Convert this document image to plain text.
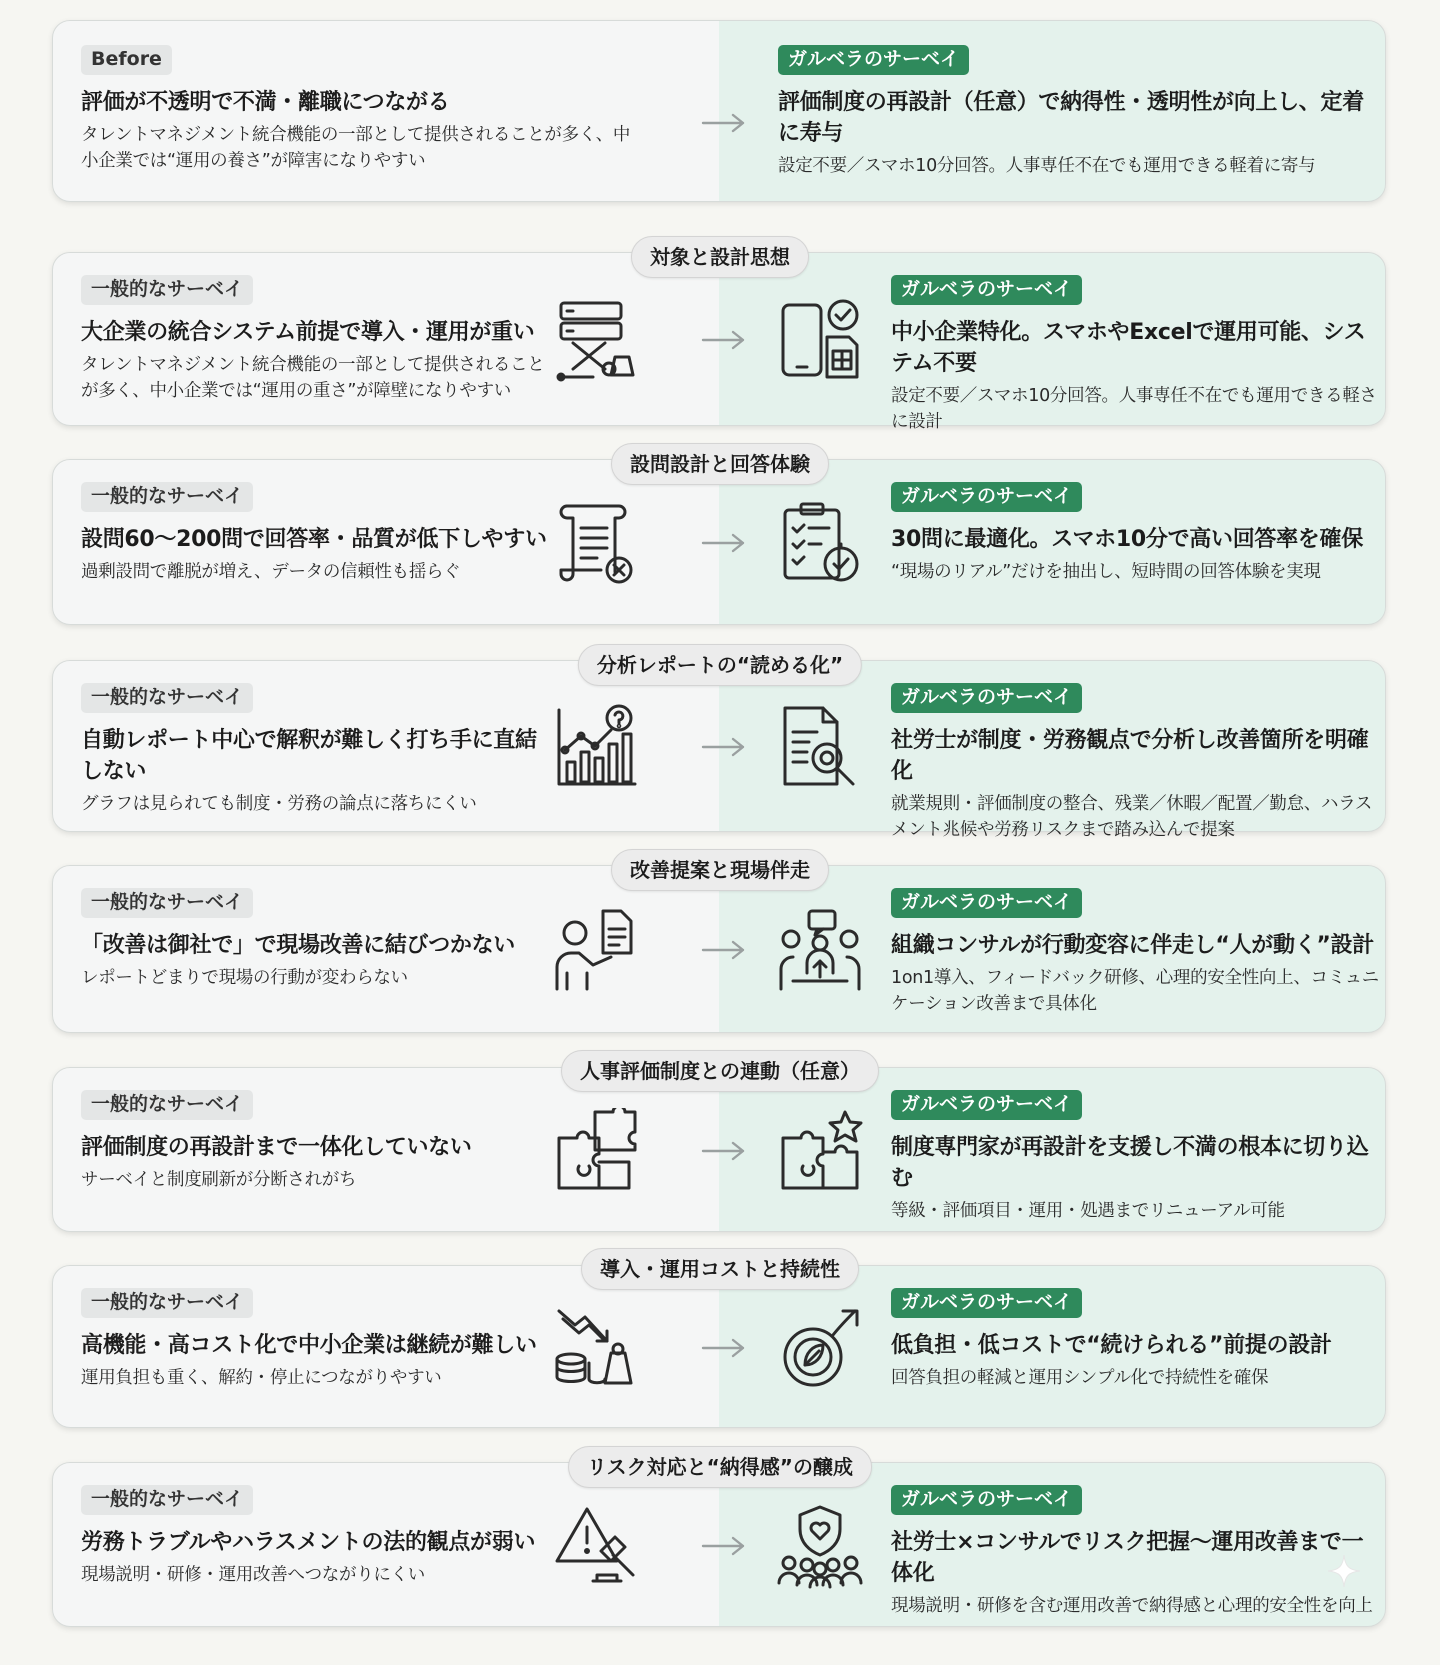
Before
評価が不透明で不満・離職につながる
タレントマネジメント統合機能の一部として提供されることが多く、中小企業では“運用の養さ”が障害になりやすい
ガルベラのサーベイ
評価制度の再設計（任意）で納得性・透明性が向上し、定着に寿与
設定不要／スマホ10分回答。人事専任不在でも運用できる軽着に寄与
対象と設計思想
一般的なサーベイ
大企業の統合システム前提で導入・運用が重い
タレントマネジメント統合機能の一部として提供されることが多く、中小企業では“運用の重さ”が障壁になりやすい
ガルベラのサーベイ
中小企業特化。スマホやExcelで運用可能、システム不要
設定不要／スマホ10分回答。人事専任不在でも運用できる軽さに設計
設問設計と回答体験
一般的なサーベイ
設問60〜200問で回答率・品質が低下しやすい
過剰設問で離脱が増え、データの信頼性も揺らぐ
ガルベラのサーベイ
30問に最適化。スマホ10分で高い回答率を確保
“現場のリアル”だけを抽出し、短時間の回答体験を実現
分析レポートの“読める化”
一般的なサーベイ
自動レポート中心で解釈が難しく打ち手に直結しない
グラフは見られても制度・労務の論点に落ちにくい
ガルベラのサーベイ
社労士が制度・労務観点で分析し改善箇所を明確化
就業規則・評価制度の整合、残業／休暇／配置／勤怠、ハラスメント兆候や労務リスクまで踏み込んで提案
改善提案と現場伴走
一般的なサーベイ
「改善は御社で」で現場改善に結びつかない
レポートどまりで現場の行動が変わらない
ガルベラのサーベイ
組織コンサルが行動変容に伴走し“人が動く”設計
1on1導入、フィードバック研修、心理的安全性向上、コミュニケーション改善まで具体化
人事評価制度との連動（任意）
一般的なサーベイ
評価制度の再設計まで一体化していない
サーベイと制度刷新が分断されがち
ガルベラのサーベイ
制度専門家が再設計を支援し不満の根本に切り込む
等級・評価項目・運用・処遇までリニューアル可能
導入・運用コストと持続性
一般的なサーベイ
高機能・高コスト化で中小企業は継続が難しい
運用負担も重く、解約・停止につながりやすい
ガルベラのサーベイ
低負担・低コストで“続けられる”前提の設計
回答負担の軽減と運用シンプル化で持続性を確保
リスク対応と“納得感”の醸成
一般的なサーベイ
労務トラブルやハラスメントの法的観点が弱い
現場説明・研修・運用改善へつながりにくい
ガルベラのサーベイ
社労士×コンサルでリスク把握〜運用改善まで一体化
現場説明・研修を含む運用改善で納得感と心理的安全性を向上
